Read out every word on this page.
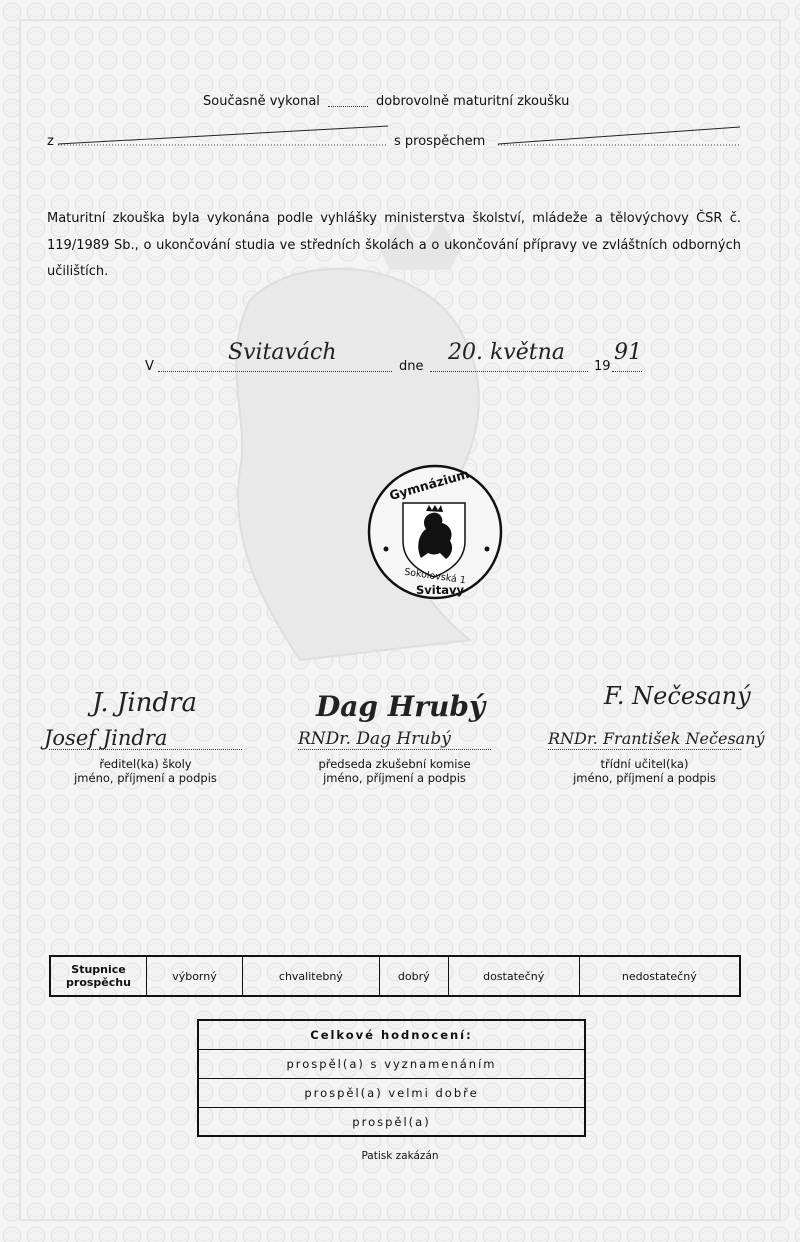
Současně vykonal	dobrovolně maturitní zkoušku
z	s prospěchem
Maturitní zkouška byla vykonána podle vyhlášky ministerstva školství, mládeže a tělovýchovy ČSR č. 119/1989 Sb., o ukončování studia ve středních školách a o ukončování přípravy ve zvláštních odborných učilištích.
V
Svitavách
dne
20. května
19
91
Gymnázium
Sokolovská 1
Svitavy
J. Jindra
Josef Jindra
ředitel(ka) školy
jméno, příjmení a podpis
Dag Hrubý
RNDr. Dag Hrubý
předseda zkušební komise
jméno, příjmení a podpis
F. Nečesaný
RNDr. František Nečesaný
třídní učitel(ka)
jméno, příjmení a podpis
Stupnice
prospěchu	výborný	chvalitebný	dobrý	dostatečný	nedostatečný
Celkové hodnocení:
prospěl(a) s vyznamenáním
prospěl(a) velmi dobře
prospěl(a)
Patisk zakázán
